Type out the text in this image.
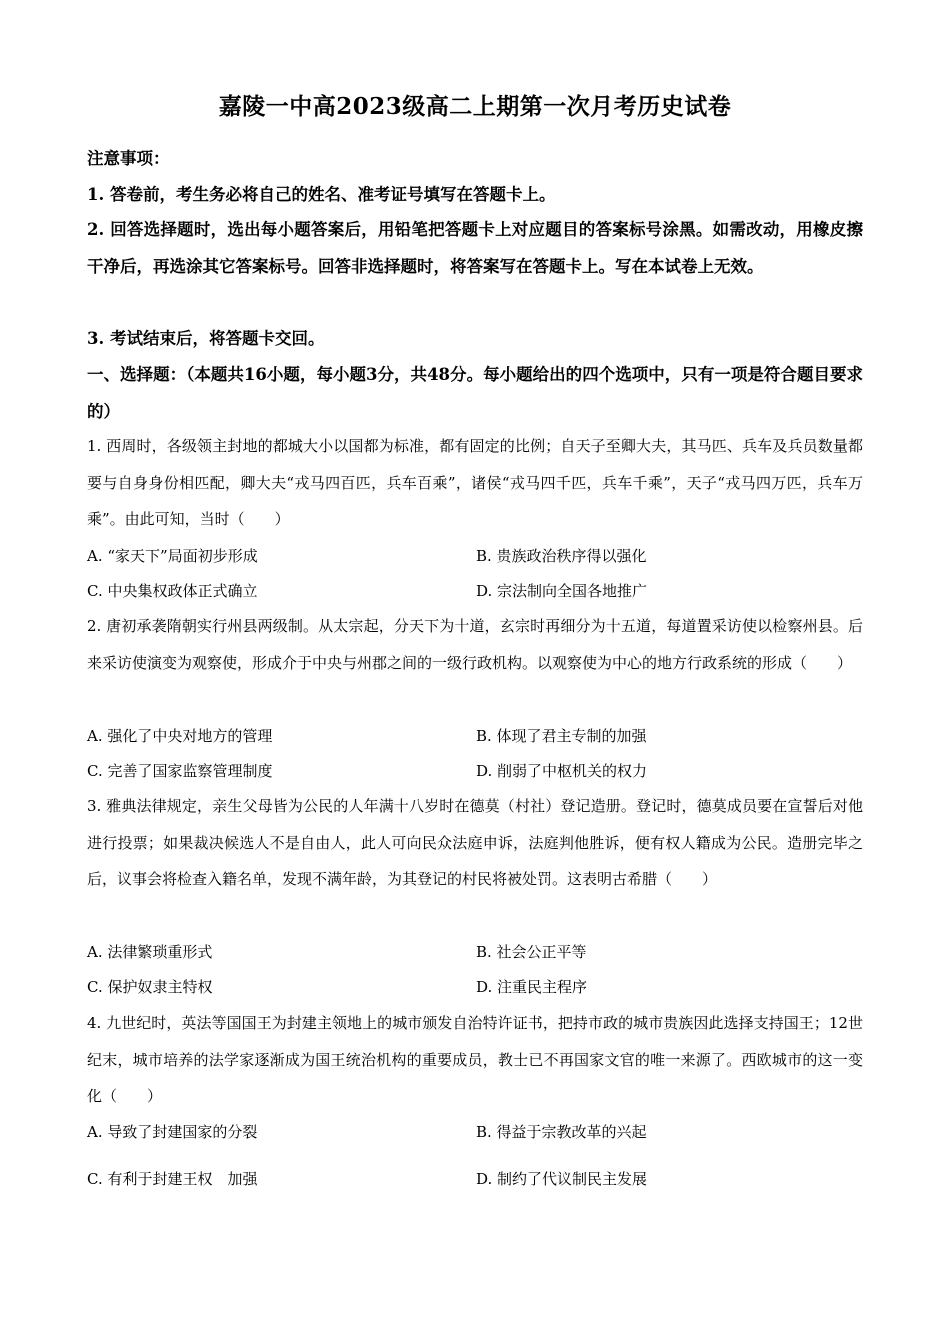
嘉陵一中高2023级高二上期第一次月考历史试卷
注意事项：
1. 答卷前，考生务必将自己的姓名、准考证号填写在答题卡上。
2. 回答选择题时，选出每小题答案后，用铅笔把答题卡上对应题目的答案标号涂黑。如需改动，用橡皮擦干净后，再选涂其它答案标号。回答非选择题时，将答案写在答题卡上。写在本试卷上无效。
3. 考试结束后，将答题卡交回。
一、选择题：（本题共16小题，每小题3分，共48分。每小题给出的四个选项中，只有一项是符合题目要求的）
1. 西周时，各级领主封地的都城大小以国都为标准，都有固定的比例；自天子至卿大夫，其马匹、兵车及兵员数量都要与自身身份相匹配，卿大夫“戎马四百匹，兵车百乘”，诸侯“戎马四千匹，兵车千乘”，天子“戎马四万匹，兵车万乘”。由此可知，当时（　　）
A. “家天下”局面初步形成	B. 贵族政治秩序得以强化
C. 中央集权政体正式确立	D. 宗法制向全国各地推广
2. 唐初承袭隋朝实行州县两级制。从太宗起，分天下为十道，玄宗时再细分为十五道，每道置采访使以检察州县。后来采访使演变为观察使，形成介于中央与州郡之间的一级行政机构。以观察使为中心的地方行政系统的形成（　　）
A. 强化了中央对地方的管理	B. 体现了君主专制的加强
C. 完善了国家监察管理制度	D. 削弱了中枢机关的权力
3. 雅典法律规定，亲生父母皆为公民的人年满十八岁时在德莫（村社）登记造册。登记时，德莫成员要在宣誓后对他进行投票；如果裁决候选人不是自由人，此人可向民众法庭申诉，法庭判他胜诉，便有权人籍成为公民。造册完毕之后，议事会将检查入籍名单，发现不满年龄，为其登记的村民将被处罚。这表明古希腊（　　）
A. 法律繁琐重形式	B. 社会公正平等
C. 保护奴隶主特权	D. 注重民主程序
4. 九世纪时，英法等国国王为封建主领地上的城市颁发自治特许证书，把持市政的城市贵族因此选择支持国王；12世纪末，城市培养的法学家逐渐成为国王统治机构的重要成员，教士已不再国家文官的唯一来源了。西欧城市的这一变化（　　）
A. 导致了封建国家的分裂	B. 得益于宗教改革的兴起
C. 有利于封建王权　加强	D. 制约了代议制民主发展
